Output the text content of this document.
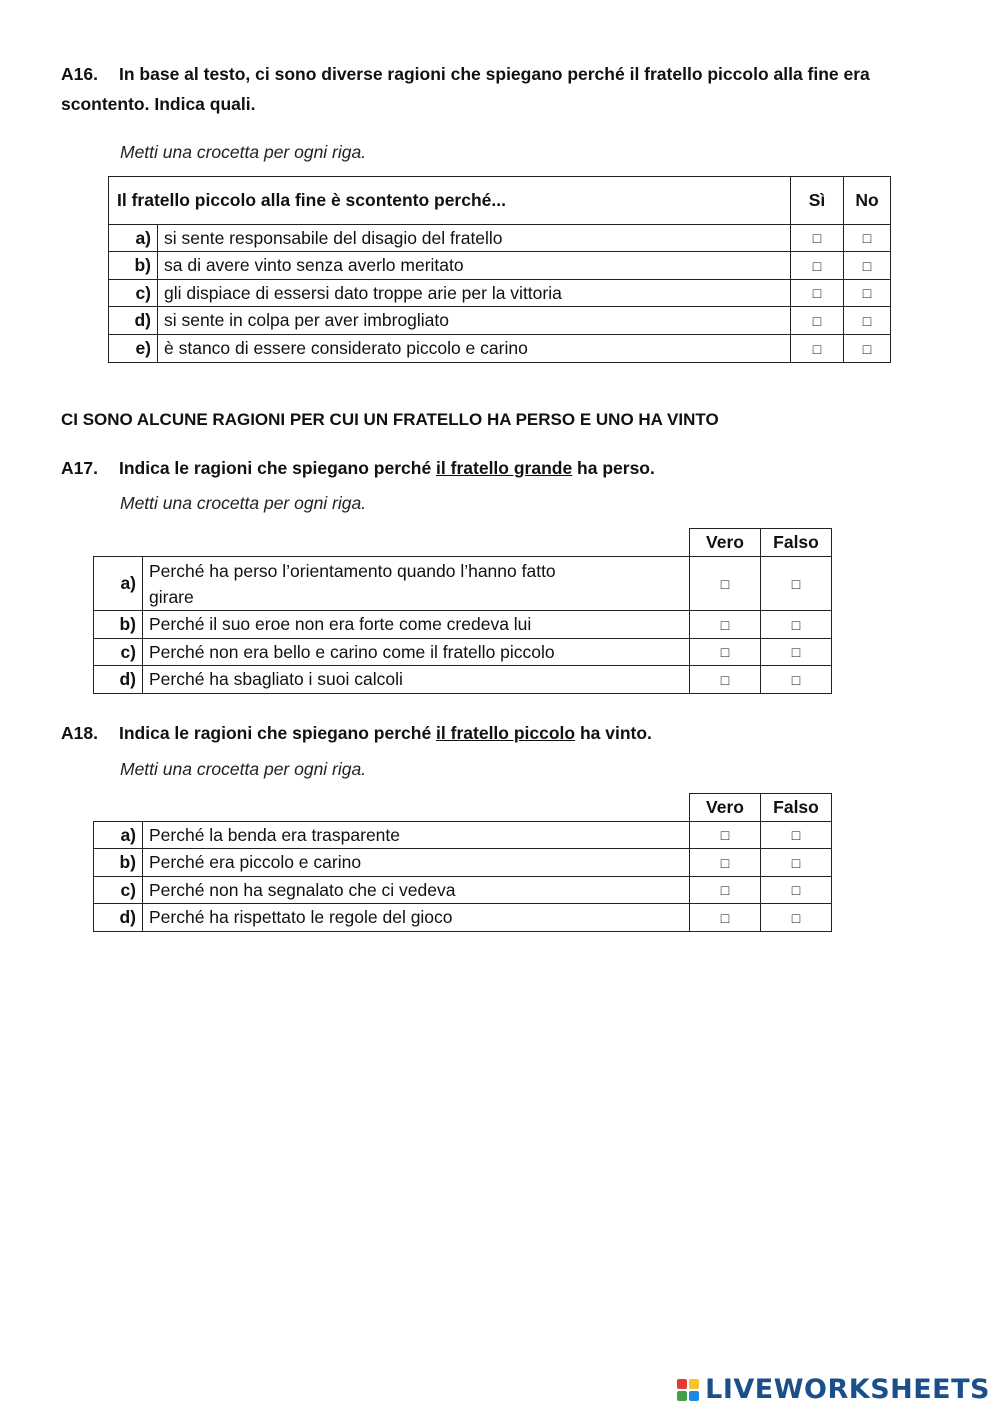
A16. In base al testo, ci sono diverse ragioni che spiegano perché il fratello piccolo alla fine era
scontento. Indica quali.
Metti una crocetta per ogni riga.
Il fratello piccolo alla fine è scontento perché...		Sì	No
a)	si sente responsabile del disagio del fratello	□	□
b)	sa di avere vinto senza averlo meritato	□	□
c)	gli dispiace di essersi dato troppe arie per la vittoria	□	□
d)	si sente in colpa per aver imbrogliato	□	□
e)	è stanco di essere considerato piccolo e carino	□	□
CI SONO ALCUNE RAGIONI PER CUI UN FRATELLO HA PERSO E UNO HA VINTO
A17. Indica le ragioni che spiegano perché il fratello grande ha perso.
Metti una crocetta per ogni riga.
		Vero	Falso
a)	Perché ha perso l’orientamento quando l’hanno fatto
girare	□	□
b)	Perché il suo eroe non era forte come credeva lui	□	□
c)	Perché non era bello e carino come il fratello piccolo	□	□
d)	Perché ha sbagliato i suoi calcoli	□	□
A18. Indica le ragioni che spiegano perché il fratello piccolo ha vinto.
Metti una crocetta per ogni riga.
		Vero	Falso
a)	Perché la benda era trasparente	□	□
b)	Perché era piccolo e carino	□	□
c)	Perché non ha segnalato che ci vedeva	□	□
d)	Perché ha rispettato le regole del gioco	□	□
LIVEWORKSHEETS
